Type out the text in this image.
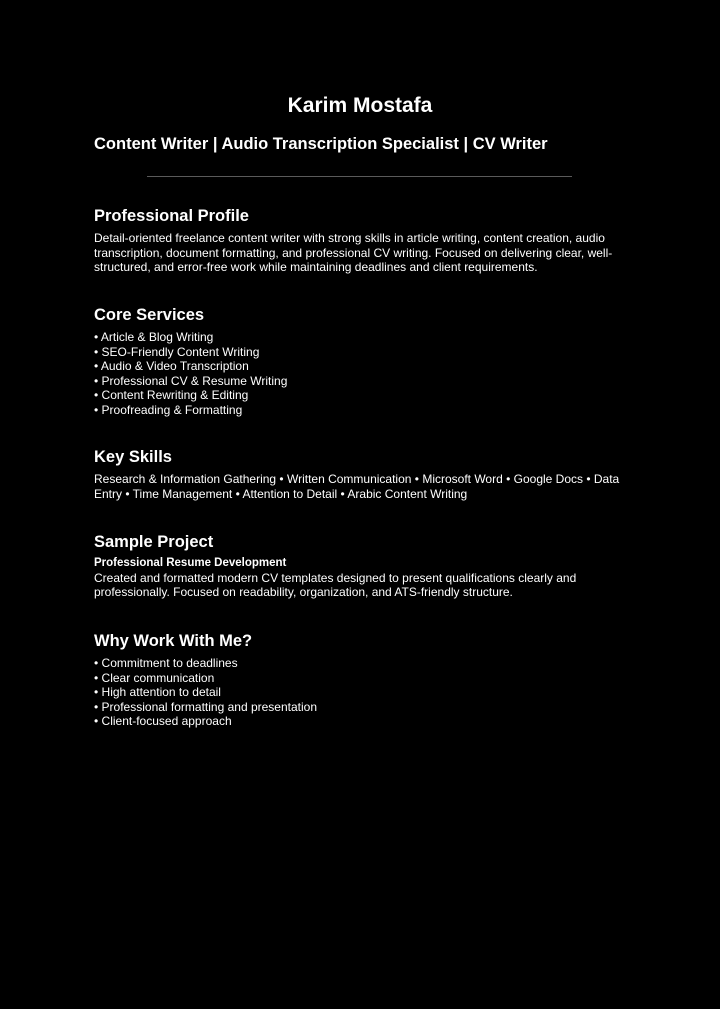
Karim Mostafa
Content Writer | Audio Transcription Specialist | CV Writer
Professional Profile

Detail-oriented freelance content writer with strong skills in article writing, content creation, audio transcription, document formatting, and professional CV writing. Focused on delivering clear, well-structured, and error-free work while maintaining deadlines and client requirements.

Core Services
• Article & Blog Writing
• SEO-Friendly Content Writing
• Audio & Video Transcription
• Professional CV & Resume Writing
• Content Rewriting & Editing
• Proofreading & Formatting
Key Skills

Research & Information Gathering • Written Communication • Microsoft Word • Google Docs • Data Entry • Time Management • Attention to Detail • Arabic Content Writing

Sample Project

Professional Resume Development

Created and formatted modern CV templates designed to present qualifications clearly and professionally. Focused on readability, organization, and ATS-friendly structure.

Why Work With Me?
• Commitment to deadlines
• Clear communication
• High attention to detail
• Professional formatting and presentation
• Client-focused approach
